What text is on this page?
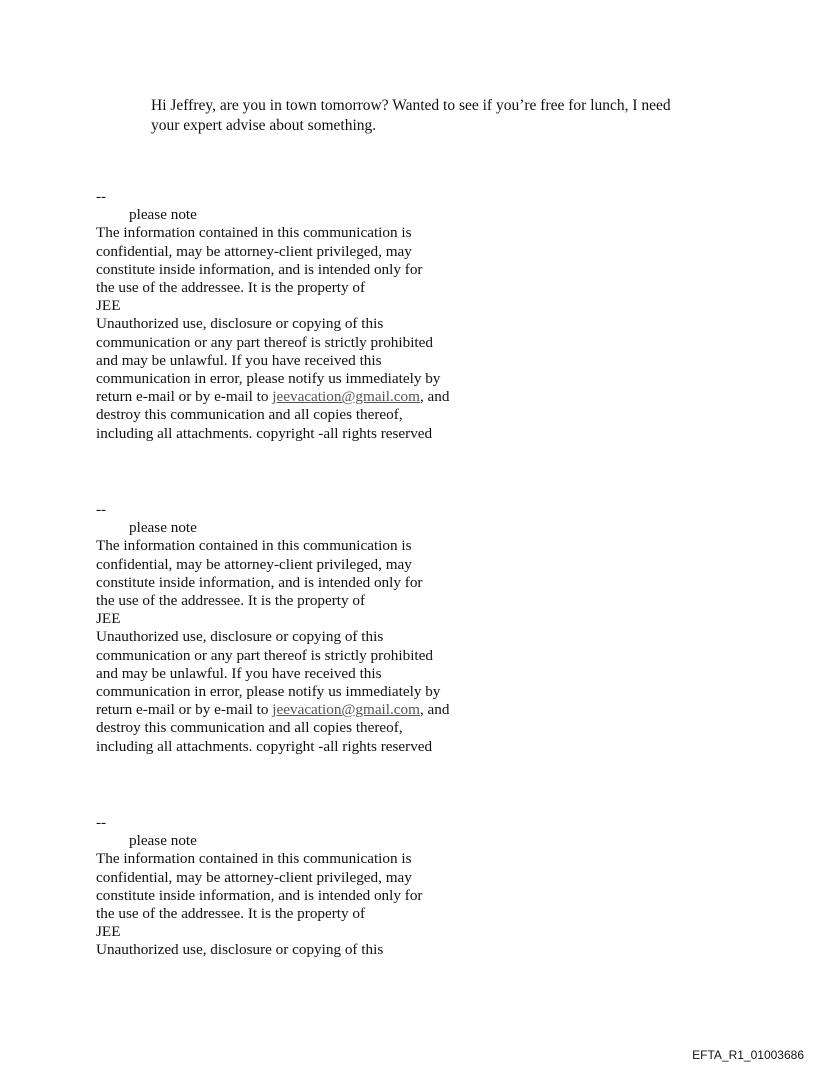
Hi Jeffrey, are you in town tomorrow? Wanted to see if you’re free for lunch, I need

your expert advise about something.

--
please note
The information contained in this communication is
confidential, may be attorney-client privileged, may
constitute inside information, and is intended only for
the use of the addressee. It is the property of
JEE
Unauthorized use, disclosure or copying of this
communication or any part thereof is strictly prohibited
and may be unlawful. If you have received this
communication in error, please notify us immediately by
return e-mail or by e-mail to jeevacation@gmail.com, and
destroy this communication and all copies thereof,
including all attachments. copyright -all rights reserved
--
please note
The information contained in this communication is
confidential, may be attorney-client privileged, may
constitute inside information, and is intended only for
the use of the addressee. It is the property of
JEE
Unauthorized use, disclosure or copying of this
communication or any part thereof is strictly prohibited
and may be unlawful. If you have received this
communication in error, please notify us immediately by
return e-mail or by e-mail to jeevacation@gmail.com, and
destroy this communication and all copies thereof,
including all attachments. copyright -all rights reserved
--
please note
The information contained in this communication is
confidential, may be attorney-client privileged, may
constitute inside information, and is intended only for
the use of the addressee. It is the property of
JEE
Unauthorized use, disclosure or copying of this
EFTA_R1_01003686
